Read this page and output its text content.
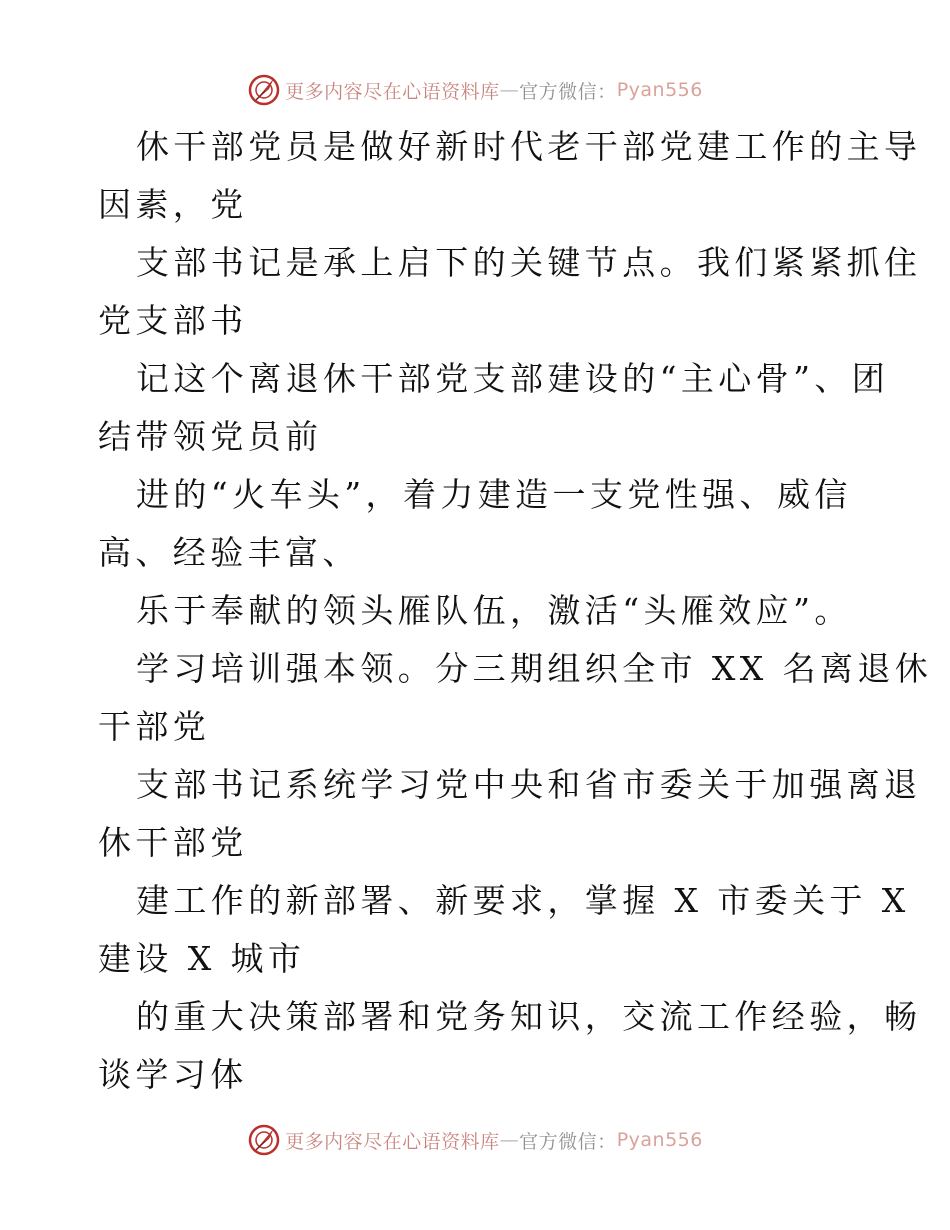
更多内容尽在心语资料库 — 官方微信： Pyan556
休干部党员是做好新时代老干部党建工作的主导
因素，党
支部书记是承上启下的关键节点。我们紧紧抓住
党支部书
记这个离退休干部党支部建设的“主心骨”、团
结带领党员前
进的“火车头”，着力建造一支党性强、威信
高、经验丰富、
乐于奉献的领头雁队伍，激活“头雁效应”。
学习培训强本领。分三期组织全市 XX 名离退休
干部党
支部书记系统学习党中央和省市委关于加强离退
休干部党
建工作的新部署、新要求，掌握 X 市委关于 X
建设 X 城市
的重大决策部署和党务知识，交流工作经验，畅
谈学习体
更多内容尽在心语资料库 — 官方微信： Pyan556
